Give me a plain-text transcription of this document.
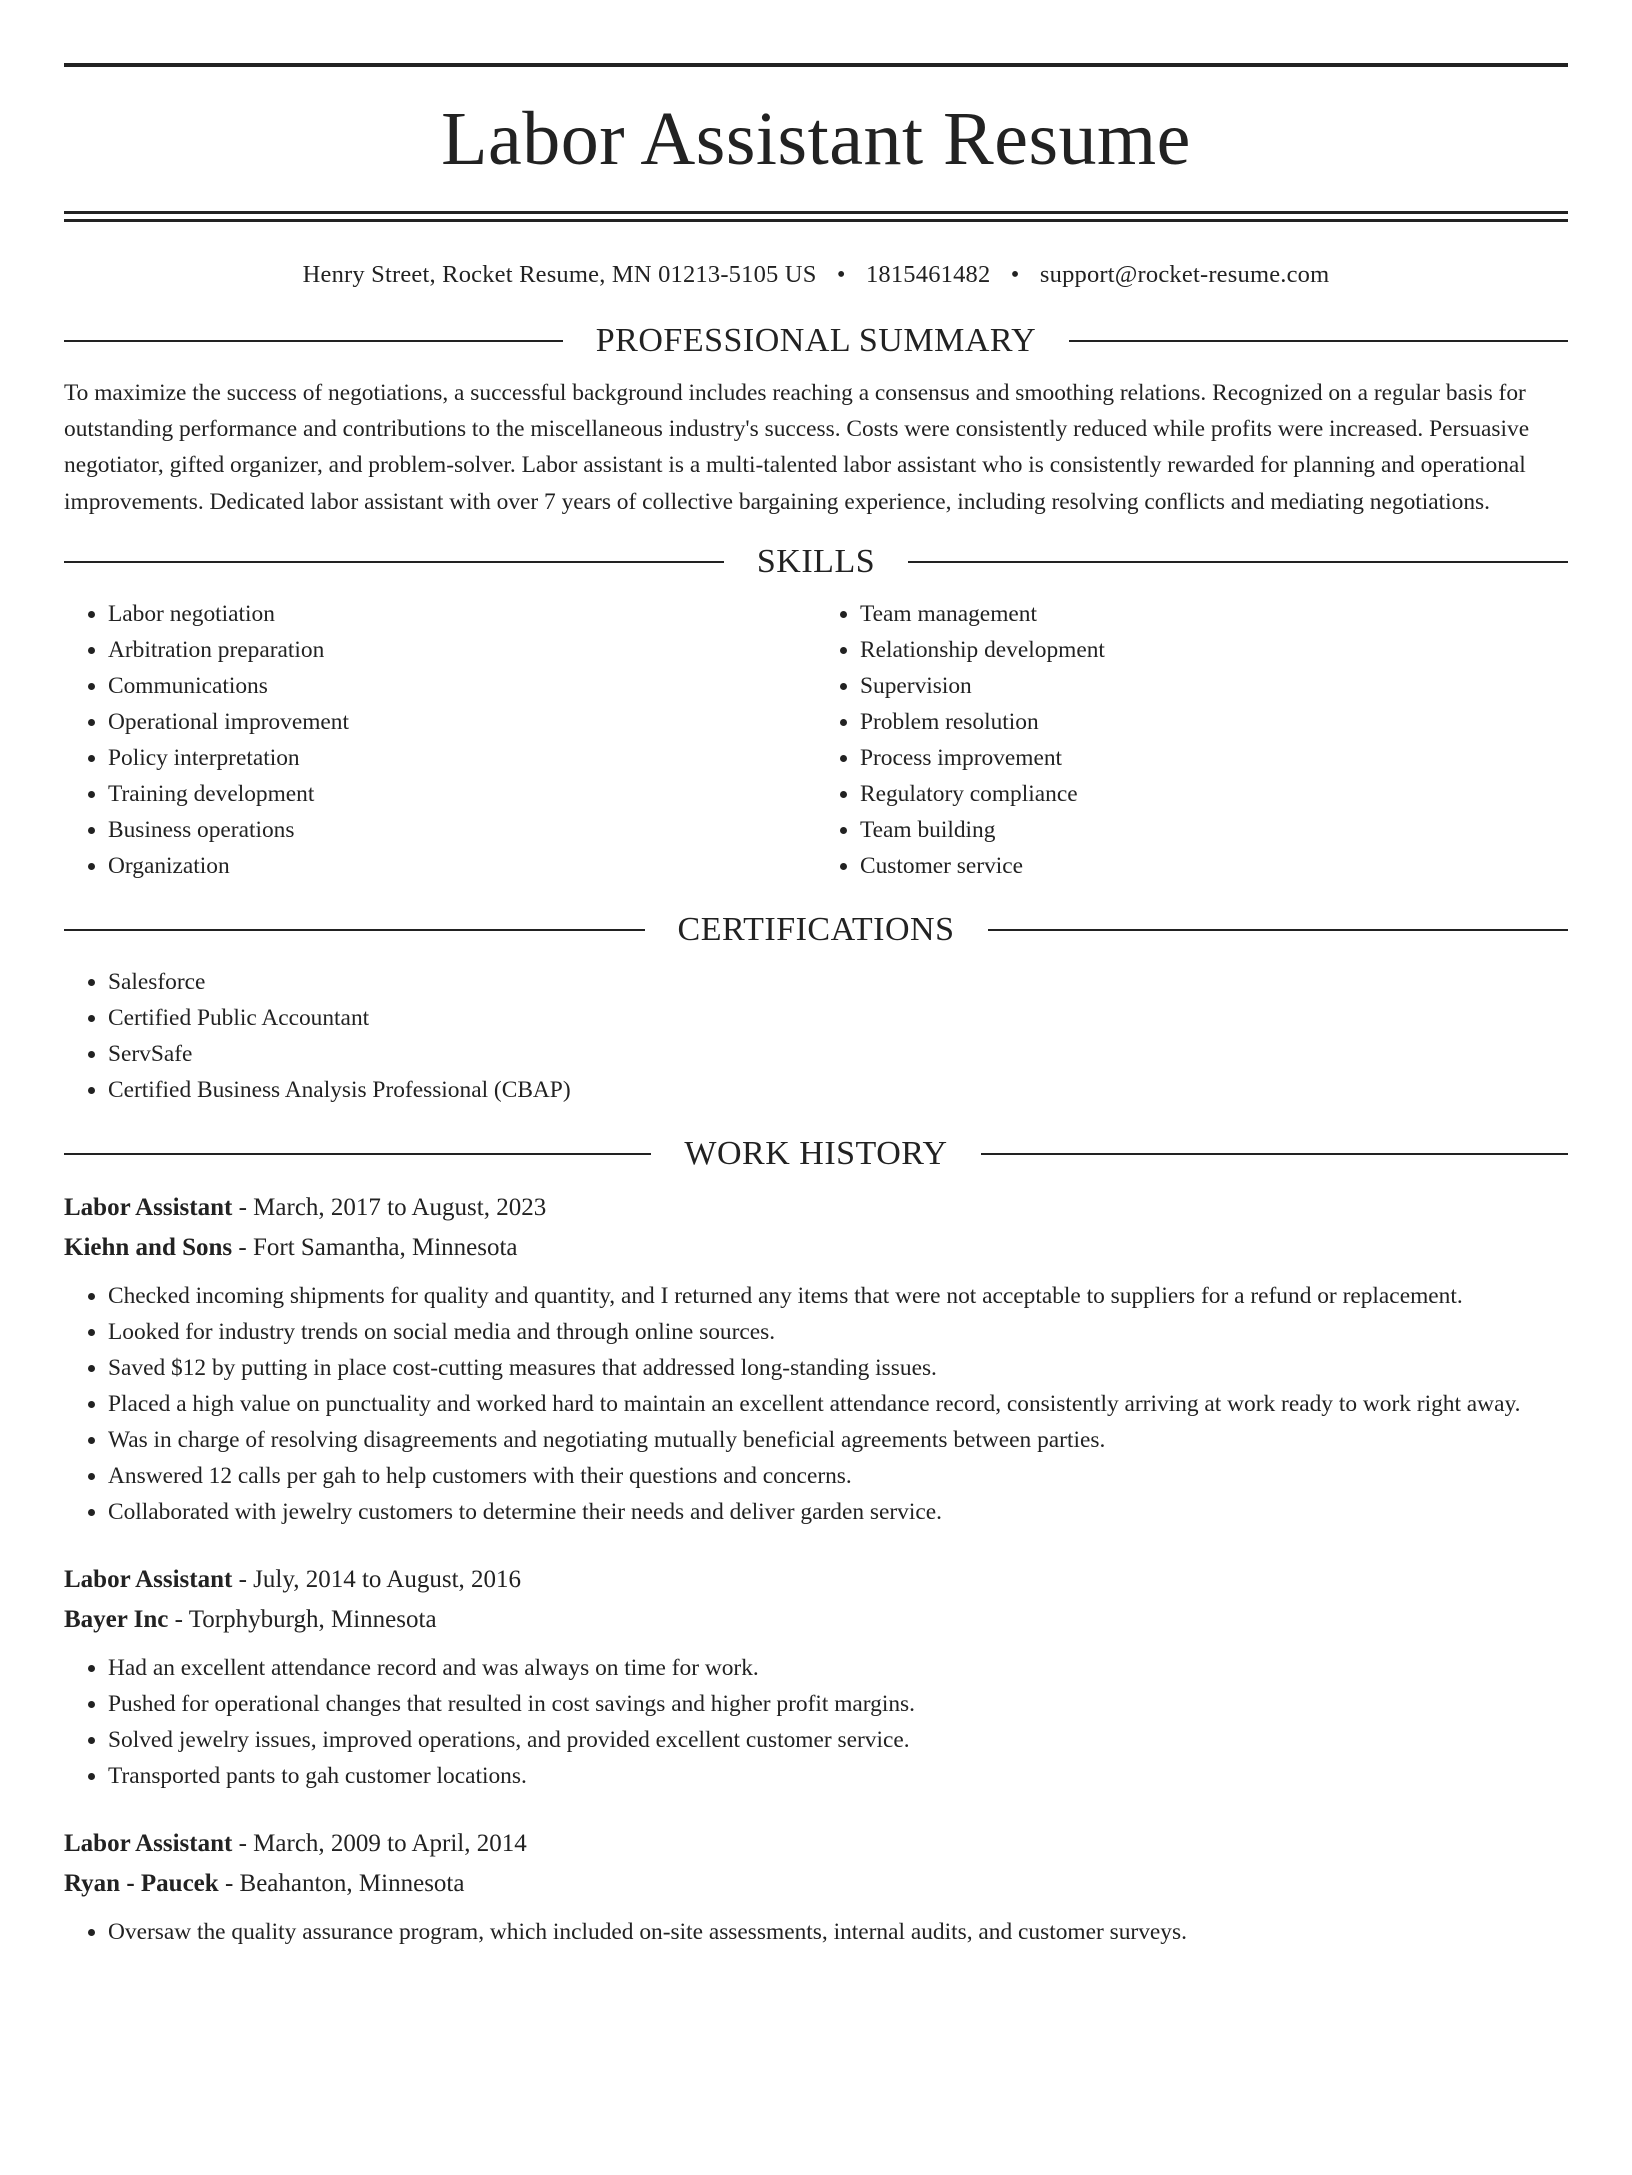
Labor Assistant Resume
Henry Street, Rocket Resume, MN 01213-5105 US • 1815461482 • support@rocket-resume.com
PROFESSIONAL SUMMARY

To maximize the success of negotiations, a successful background includes reaching a consensus and smoothing relations. Recognized on a regular basis for outstanding performance and contributions to the miscellaneous industry's success. Costs were consistently reduced while profits were increased. Persuasive negotiator, gifted organizer, and problem-solver. Labor assistant is a multi-talented labor assistant who is consistently rewarded for planning and operational improvements. Dedicated labor assistant with over 7 years of collective bargaining experience, including resolving conflicts and mediating negotiations.

SKILLS
• Labor negotiation
• Arbitration preparation
• Communications
• Operational improvement
• Policy interpretation
• Training development
• Business operations
• Organization
• Team management
• Relationship development
• Supervision
• Problem resolution
• Process improvement
• Regulatory compliance
• Team building
• Customer service
CERTIFICATIONS
• Salesforce
• Certified Public Accountant
• ServSafe
• Certified Business Analysis Professional (CBAP)
WORK HISTORY
Labor Assistant - March, 2017 to August, 2023
Kiehn and Sons - Fort Samantha, Minnesota
• Checked incoming shipments for quality and quantity, and I returned any items that were not acceptable to suppliers for a refund or replacement.
• Looked for industry trends on social media and through online sources.
• Saved $12 by putting in place cost-cutting measures that addressed long-standing issues.
• Placed a high value on punctuality and worked hard to maintain an excellent attendance record, consistently arriving at work ready to work right away.
• Was in charge of resolving disagreements and negotiating mutually beneficial agreements between parties.
• Answered 12 calls per gah to help customers with their questions and concerns.
• Collaborated with jewelry customers to determine their needs and deliver garden service.
Labor Assistant - July, 2014 to August, 2016
Bayer Inc - Torphyburgh, Minnesota
• Had an excellent attendance record and was always on time for work.
• Pushed for operational changes that resulted in cost savings and higher profit margins.
• Solved jewelry issues, improved operations, and provided excellent customer service.
• Transported pants to gah customer locations.
Labor Assistant - March, 2009 to April, 2014
Ryan - Paucek - Beahanton, Minnesota
• Oversaw the quality assurance program, which included on-site assessments, internal audits, and customer surveys.
